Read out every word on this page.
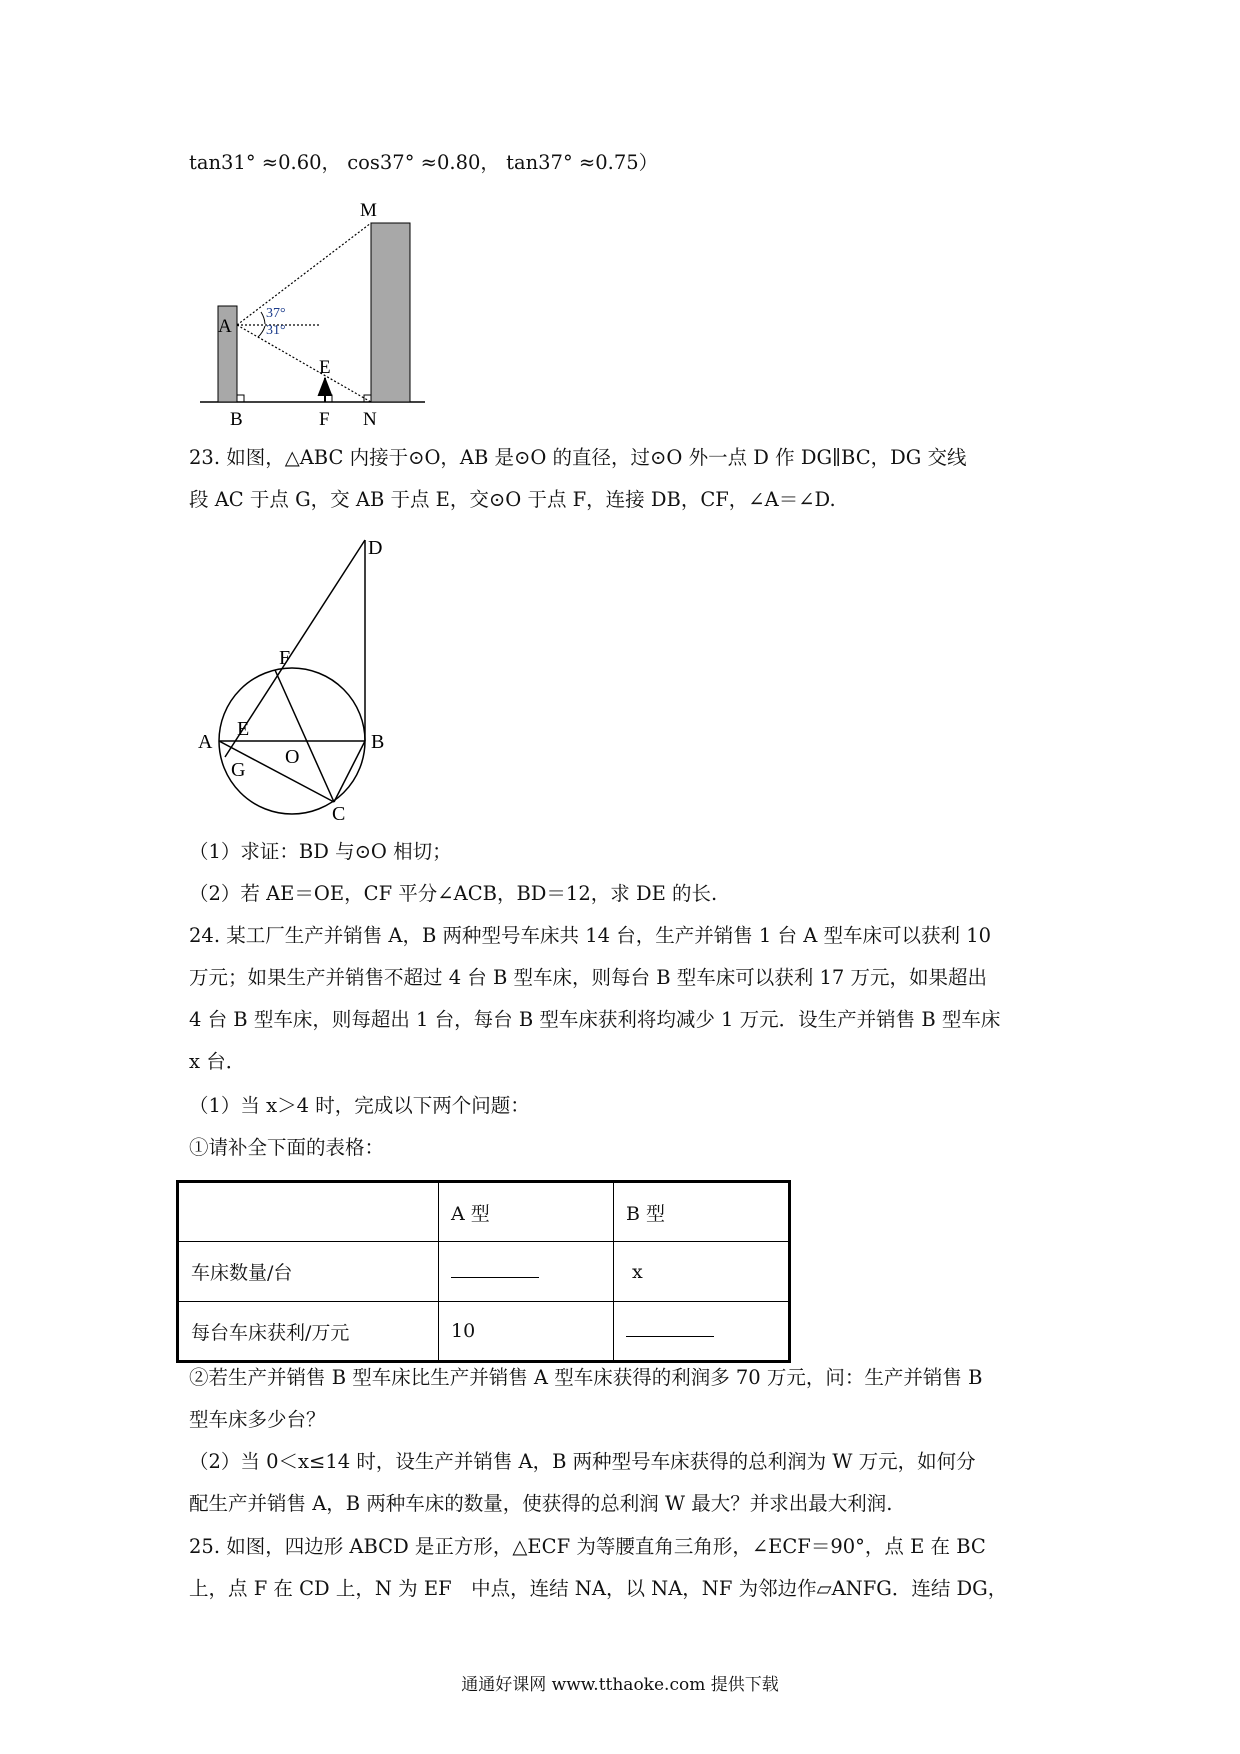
tan31° ≈0.60， cos37° ≈0.80， tan37° ≈0.75）
M
A
37°
31°
E
B	F N
23. 如图，△ABC 内接于⊙O，AB 是⊙O 的直径，过⊙O 外一点 D 作 DG∥BC，DG 交线
段 AC 于点 G，交 AB 于点 E，交⊙O 于点 F，连接 DB，CF，∠A＝∠D.
D
F
A
E
O
B
G
C
（1）求证：BD 与⊙O 相切；
（2）若 AE＝OE，CF 平分∠ACB，BD＝12，求 DE 的长.
24. 某工厂生产并销售 A，B 两种型号车床共 14 台，生产并销售 1 台 A 型车床可以获利 10
万元；如果生产并销售不超过 4 台 B 型车床，则每台 B 型车床可以获利 17 万元，如果超出
4 台 B 型车床，则每超出 1 台，每台 B 型车床获利将均减少 1 万元．设生产并销售 B 型车床
x 台．
（1）当 x＞4 时，完成以下两个问题：
①请补全下面的表格：
	A 型	B 型
车床数量/台		x
每台车床获利/万元	10	
②若生产并销售 B 型车床比生产并销售 A 型车床获得的利润多 70 万元，问：生产并销售 B
型车床多少台？
（2）当 0＜x≤14 时，设生产并销售 A，B 两种型号车床获得的总利润为 W 万元，如何分
配生产并销售 A，B 两种车床的数量，使获得的总利润 W 最大？并求出最大利润.
25. 如图，四边形 ABCD 是正方形，△ECF 为等腰直角三角形，∠ECF＝90°，点 E 在 BC
上，点 F 在 CD 上，N 为 EF　中点，连结 NA，以 NA，NF 为邻边作▱ANFG．连结 DG，
通通好课网 www.tthaoke.com 提供下载
